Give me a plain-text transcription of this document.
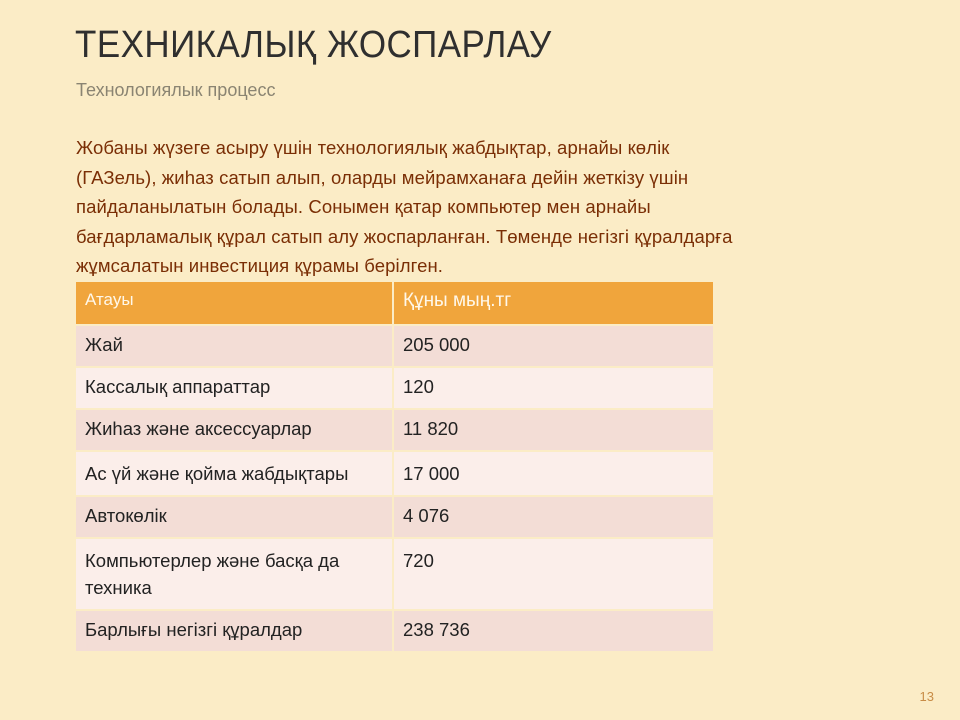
ТЕХНИКАЛЫҚ ЖОСПАРЛАУ
Технологиялык процесс
Жобаны жүзеге асыру үшін технологиялық жабдықтар, арнайы көлік (ГАЗель), жиһаз сатып алып, оларды мейрамханаға дейін жеткізу үшін пайдаланылатын болады. Сонымен қатар компьютер мен арнайы бағдарламалық құрал сатып алу жоспарланған. Төменде негізгі құралдарға жұмсалатын инвестиция құрамы берілген.
Атауы	Құны мың.тг
Жай	205 000
Кассалық аппараттар	120
Жиһаз және аксессуарлар	11 820
Ас үй және қойма жабдықтары	17 000
Автокөлік	4 076
Компьютерлер және басқа да техника	720
Барлығы негізгі құралдар	238 736
13
